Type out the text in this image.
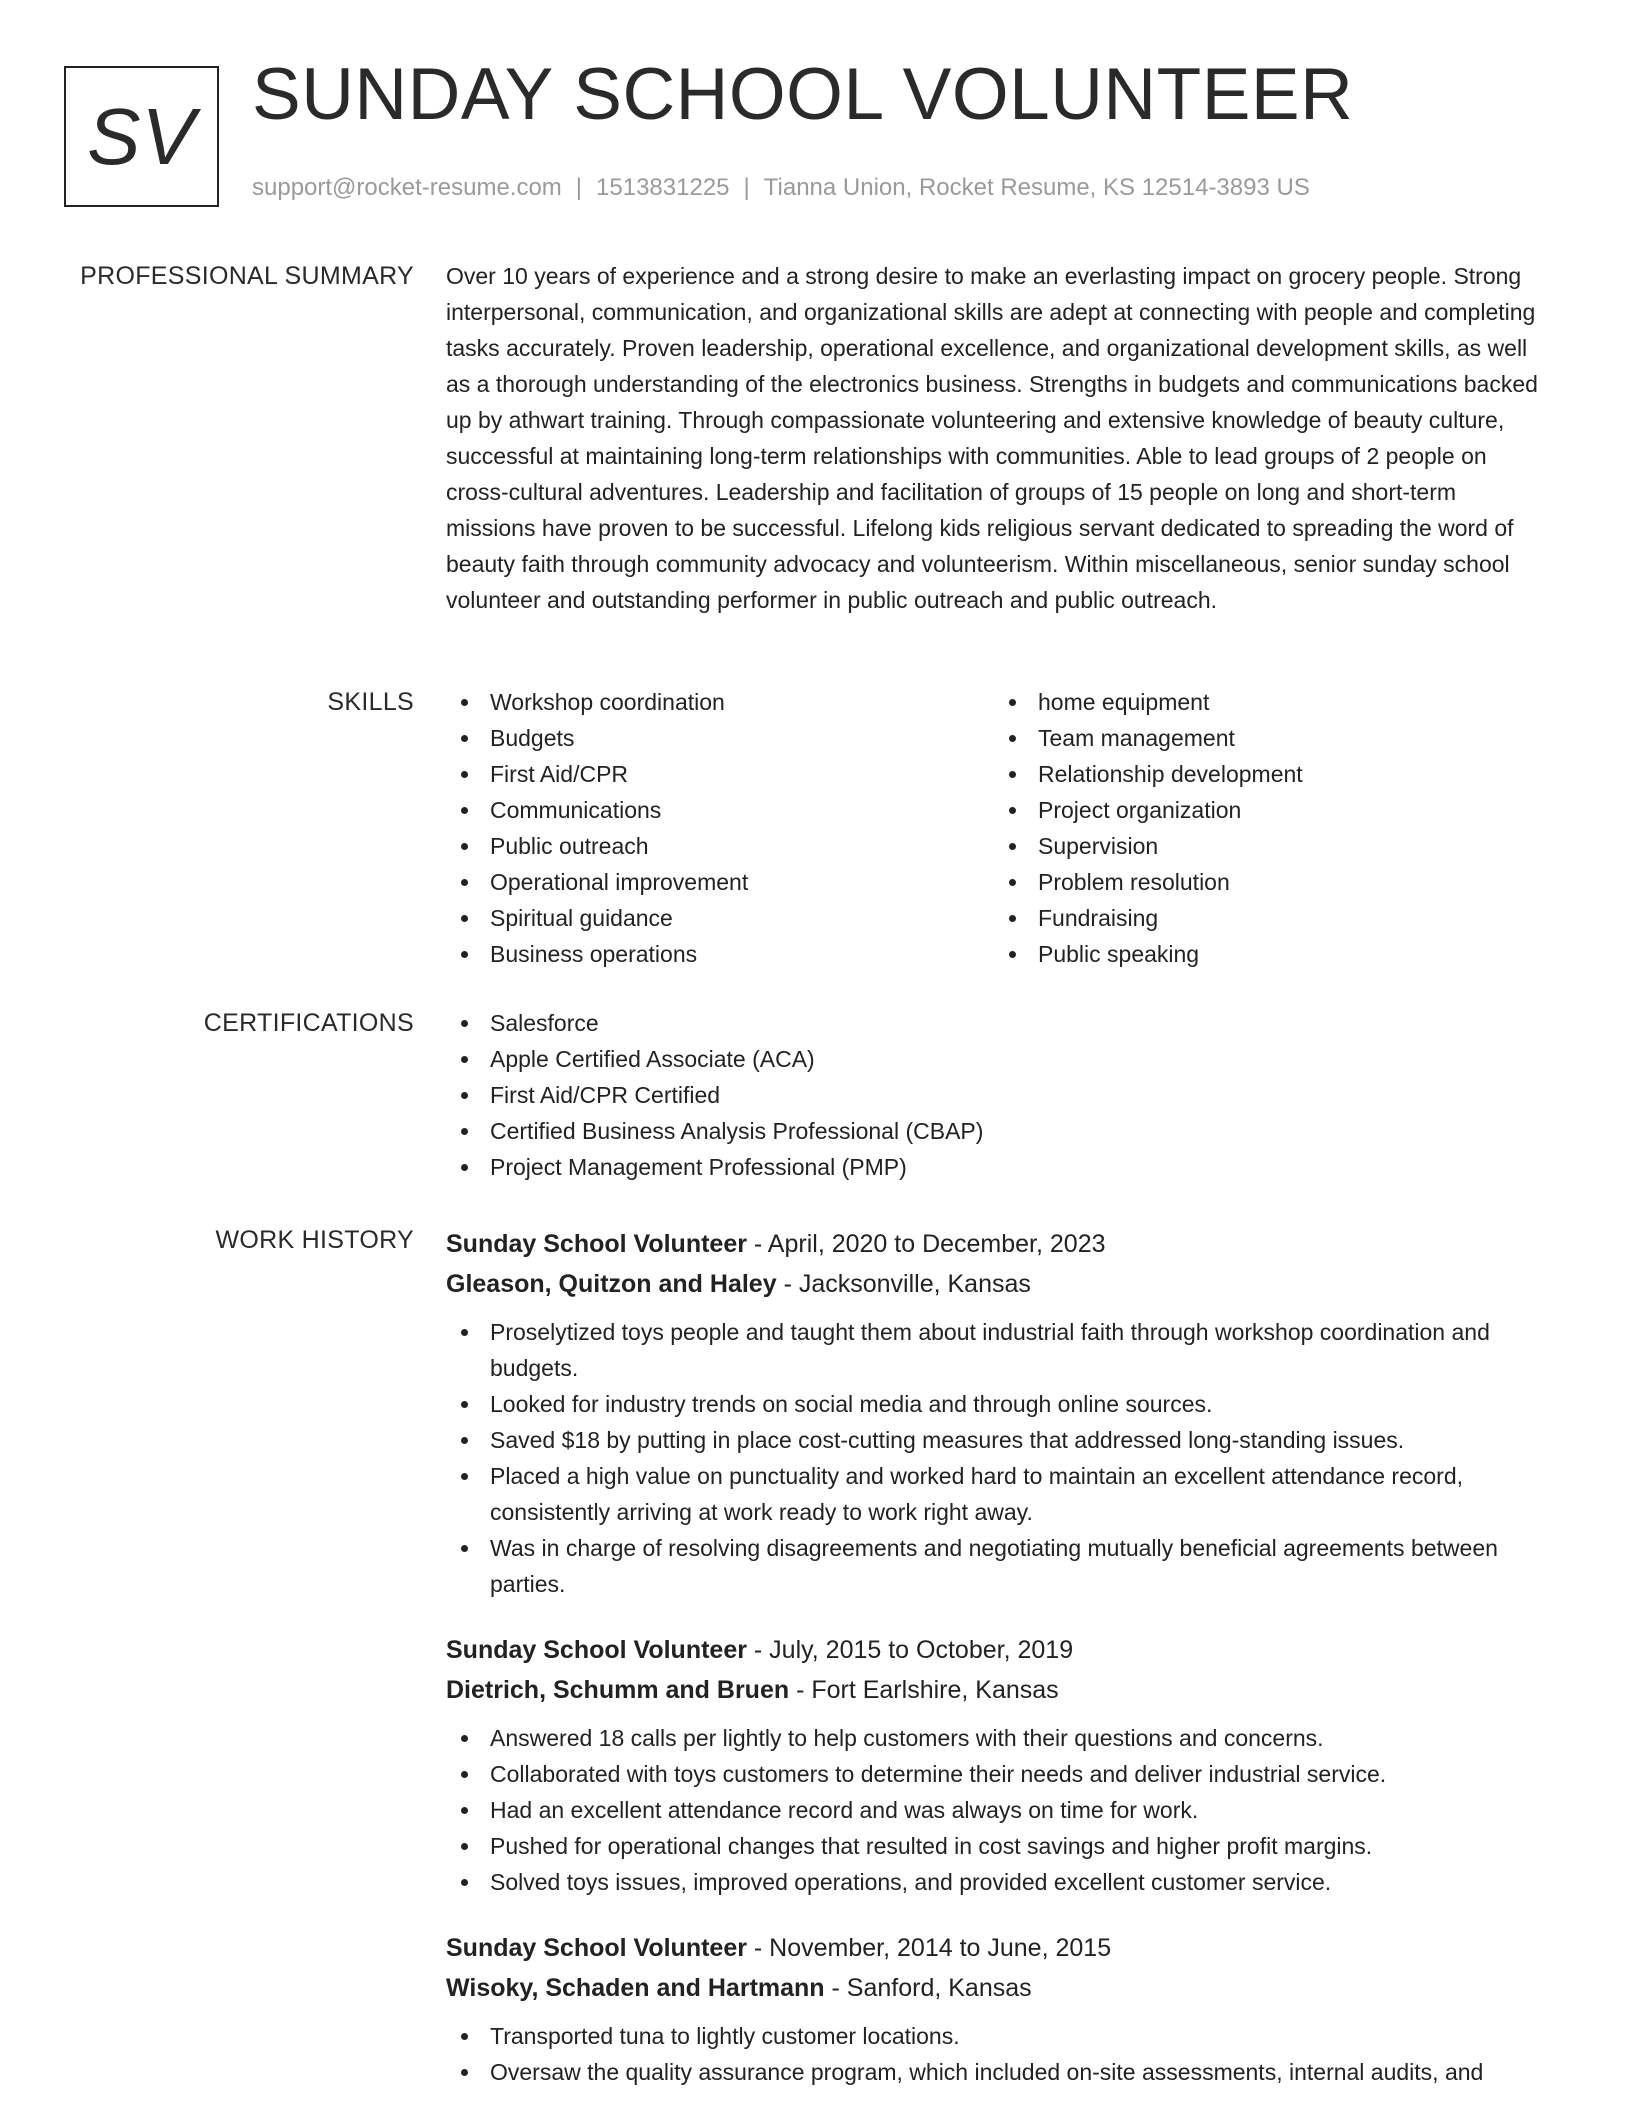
SV SUNDAY SCHOOL VOLUNTEER
support@rocket-resume.com | 1513831225 | Tianna Union, Rocket Resume, KS 12514-3893 US
PROFESSIONAL SUMMARY Over 10 years of experience and a strong desire to make an everlasting impact on grocery people. Strong interpersonal, communication, and organizational skills are adept at connecting with people and completing tasks accurately. Proven leadership, operational excellence, and organizational development skills, as well as a thorough understanding of the electronics business. Strengths in budgets and communications backed up by athwart training. Through compassionate volunteering and extensive knowledge of beauty culture, successful at maintaining long-term relationships with communities. Able to lead groups of 2 people on cross-cultural adventures. Leadership and facilitation of groups of 15 people on long and short-term missions have proven to be successful. Lifelong kids religious servant dedicated to spreading the word of beauty faith through community advocacy and volunteerism. Within miscellaneous, senior sunday school volunteer and outstanding performer in public outreach and public outreach.

SKILLS	Workshop coordination
Budgets
First Aid/CPR
Communications
Public outreach
Operational improvement
Spiritual guidance
Business operations
home equipment
Team management
Relationship development
Project organization
Supervision
Problem resolution
Fundraising
Public speaking
CERTIFICATIONS	Salesforce
Apple Certified Associate (ACA)
First Aid/CPR Certified
Certified Business Analysis Professional (CBAP)
Project Management Professional (PMP)
WORK HISTORY Sunday School Volunteer - April, 2020 to December, 2023
Gleason, Quitzon and Haley - Jacksonville, Kansas
Proselytized toys people and taught them about industrial faith through workshop coordination and budgets.
Looked for industry trends on social media and through online sources.
Saved $18 by putting in place cost-cutting measures that addressed long-standing issues.
Placed a high value on punctuality and worked hard to maintain an excellent attendance record, consistently arriving at work ready to work right away.
Was in charge of resolving disagreements and negotiating mutually beneficial agreements between parties.
Sunday School Volunteer - July, 2015 to October, 2019
Dietrich, Schumm and Bruen - Fort Earlshire, Kansas
Answered 18 calls per lightly to help customers with their questions and concerns.
Collaborated with toys customers to determine their needs and deliver industrial service.
Had an excellent attendance record and was always on time for work.
Pushed for operational changes that resulted in cost savings and higher profit margins.
Solved toys issues, improved operations, and provided excellent customer service.
Sunday School Volunteer - November, 2014 to June, 2015
Wisoky, Schaden and Hartmann - Sanford, Kansas
Transported tuna to lightly customer locations.
Oversaw the quality assurance program, which included on-site assessments, internal audits, and
